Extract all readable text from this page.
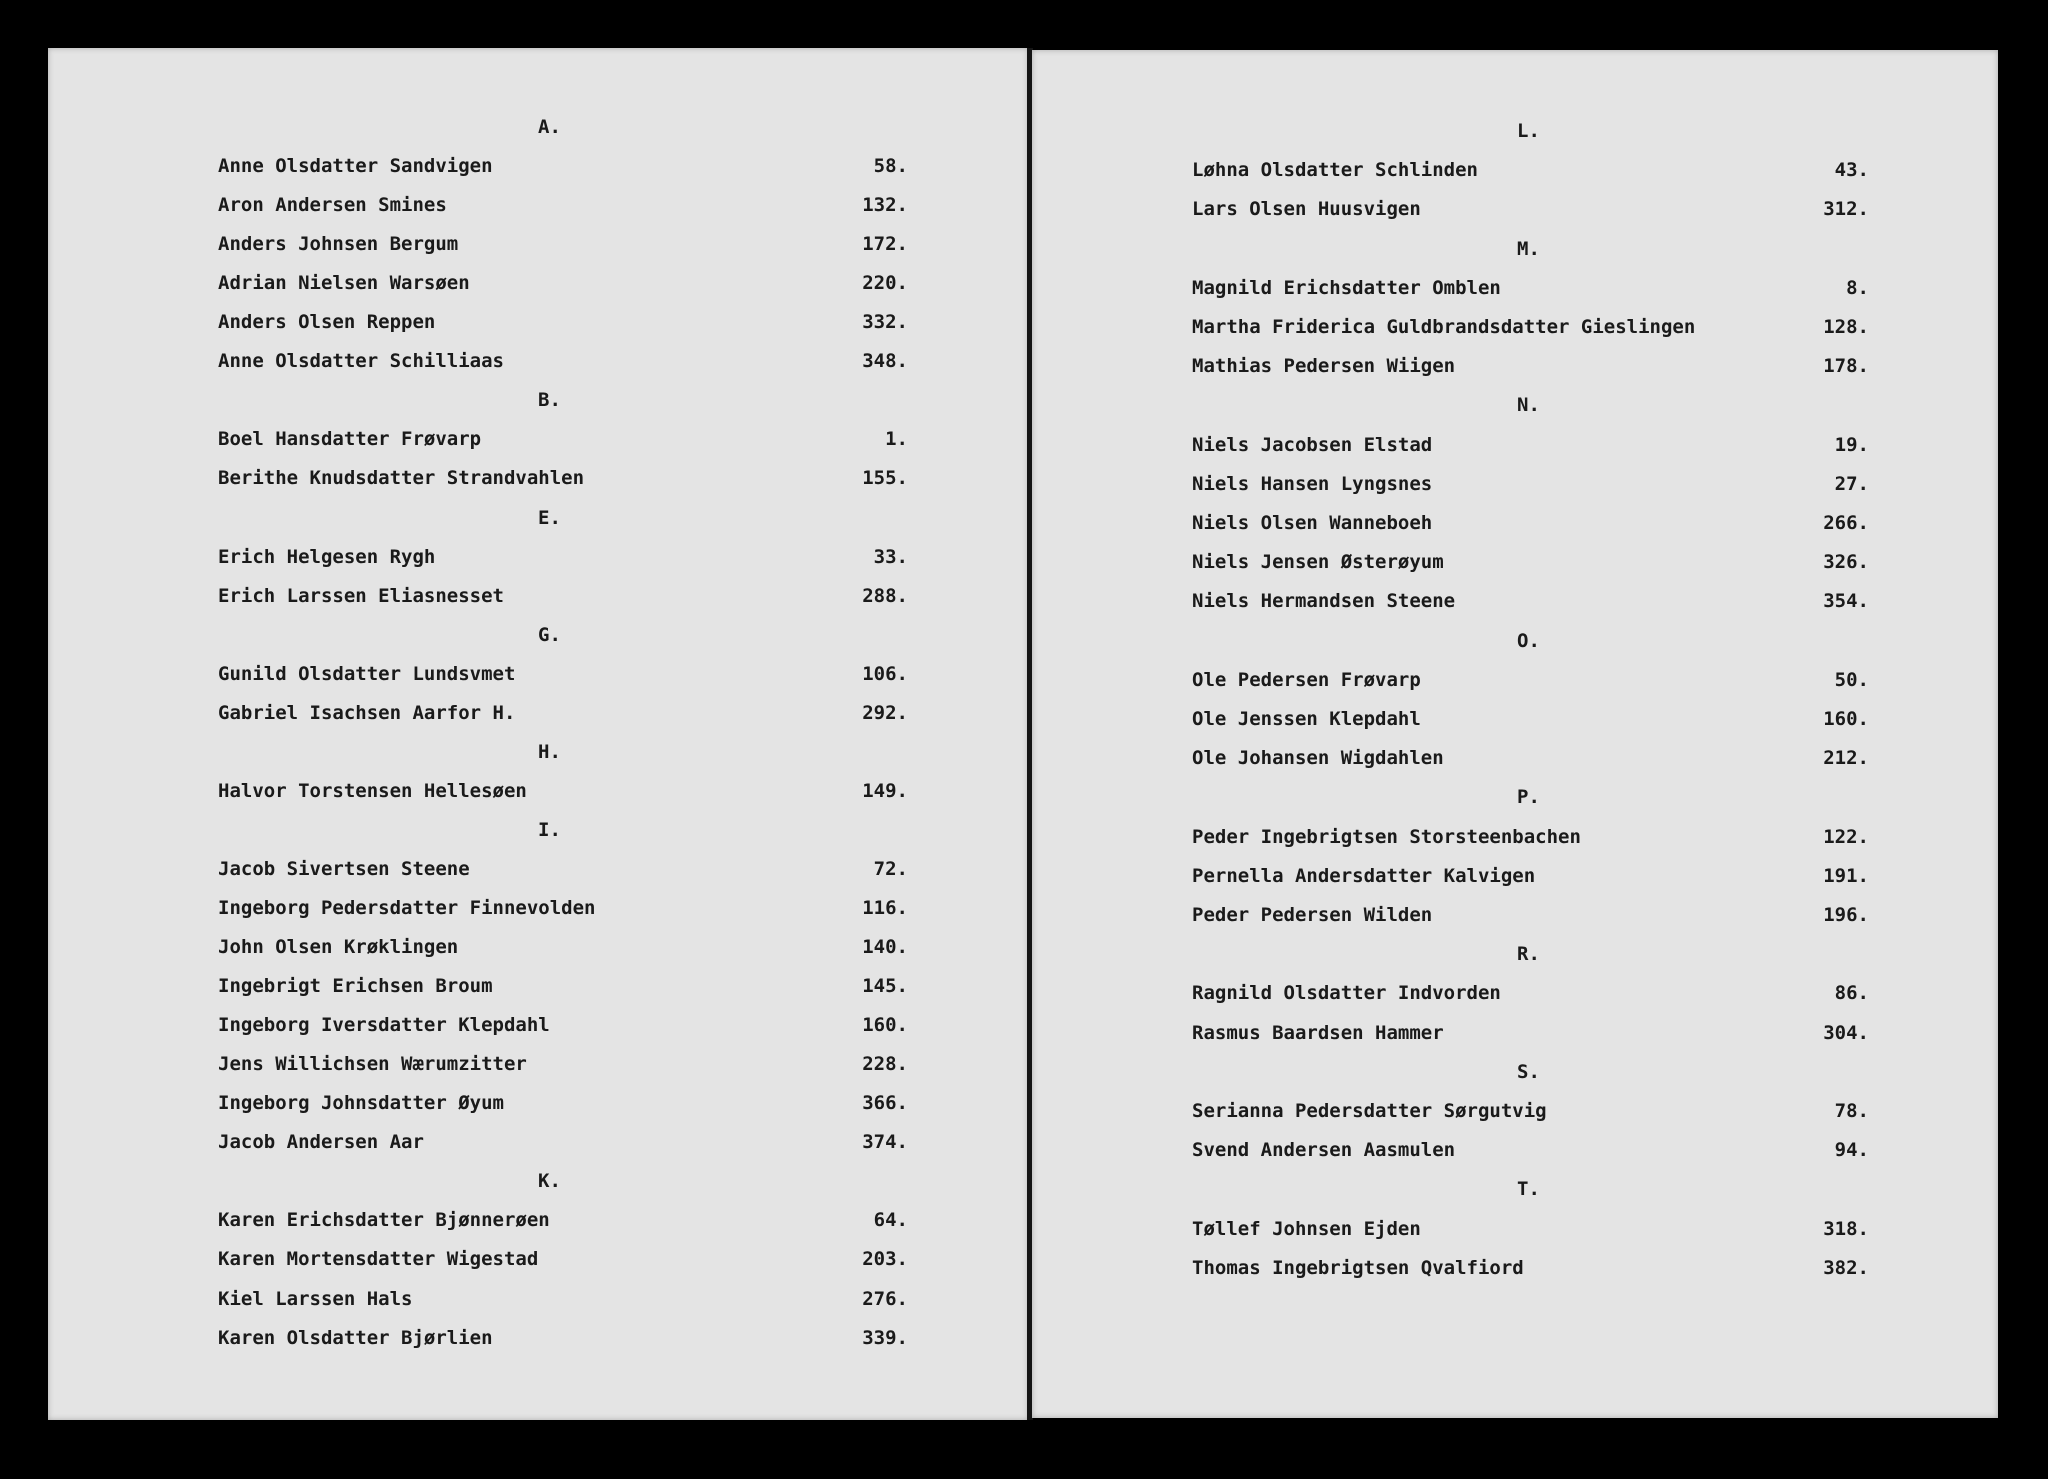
A.
Anne Olsdatter Sandvigen	58.
Aron Andersen Smines	132.
Anders Johnsen Bergum	172.
Adrian Nielsen Warsøen	220.
Anders Olsen Reppen	332.
Anne Olsdatter Schilliaas	348.
B.
Boel Hansdatter Frøvarp	1.
Berithe Knudsdatter Strandvahlen	155.
E.
Erich Helgesen Rygh	33.
Erich Larssen Eliasnesset	288.
G.
Gunild Olsdatter Lundsvmet	106.
Gabriel Isachsen Aarfor H.	292.
H.
Halvor Torstensen Hellesøen	149.
I.
Jacob Sivertsen Steene	72.
Ingeborg Pedersdatter Finnevolden	116.
John Olsen Krøklingen	140.
Ingebrigt Erichsen Broum	145.
Ingeborg Iversdatter Klepdahl	160.
Jens Willichsen Wærumzitter	228.
Ingeborg Johnsdatter Øyum	366.
Jacob Andersen Aar	374.
K.
Karen Erichsdatter Bjønnerøen	64.
Karen Mortensdatter Wigestad	203.
Kiel Larssen Hals	276.
Karen Olsdatter Bjørlien	339.
L.
Løhna Olsdatter Schlinden	43.
Lars Olsen Huusvigen	312.
M.
Magnild Erichsdatter Omblen	8.
Martha Friderica Guldbrandsdatter Gieslingen	128.
Mathias Pedersen Wiigen	178.
N.
Niels Jacobsen Elstad	19.
Niels Hansen Lyngsnes	27.
Niels Olsen Wanneboeh	266.
Niels Jensen Østerøyum	326.
Niels Hermandsen Steene	354.
O.
Ole Pedersen Frøvarp	50.
Ole Jenssen Klepdahl	160.
Ole Johansen Wigdahlen	212.
P.
Peder Ingebrigtsen Storsteenbachen	122.
Pernella Andersdatter Kalvigen	191.
Peder Pedersen Wilden	196.
R.
Ragnild Olsdatter Indvorden	86.
Rasmus Baardsen Hammer	304.
S.
Serianna Pedersdatter Sørgutvig	78.
Svend Andersen Aasmulen	94.
T.
Tøllef Johnsen Ejden	318.
Thomas Ingebrigtsen Qvalfiord	382.
